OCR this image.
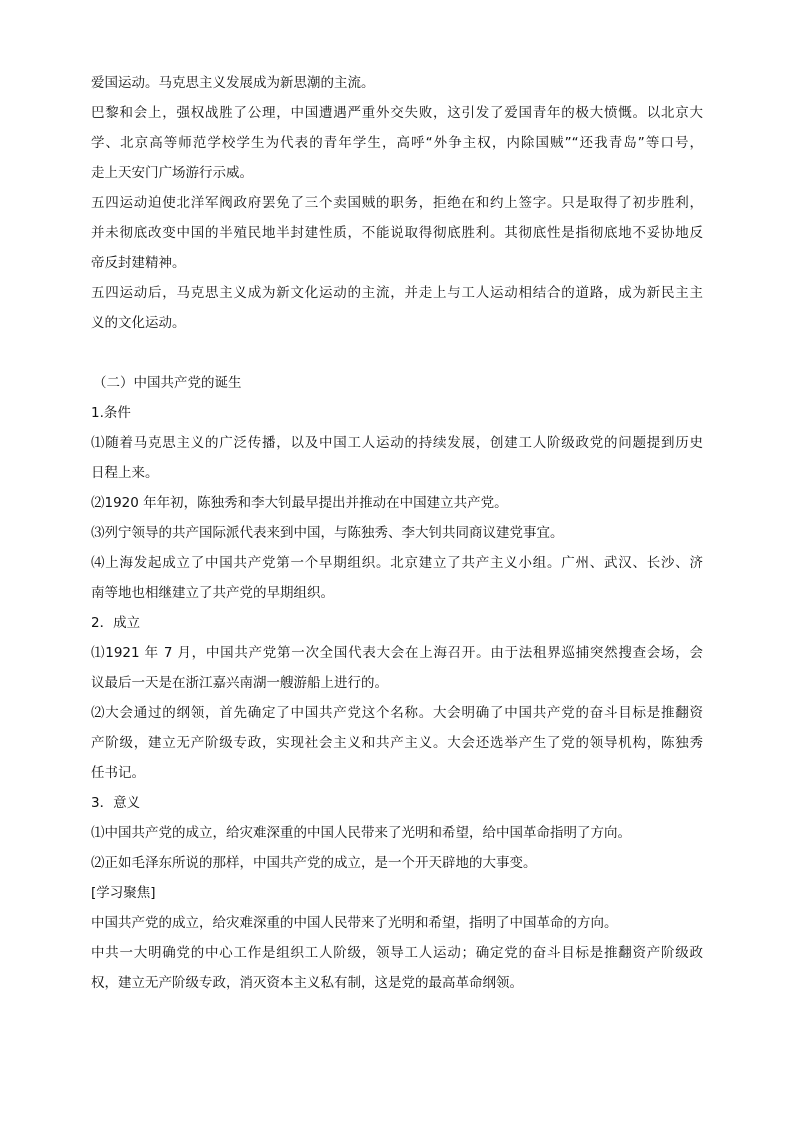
爱国运动。马克思主义发展成为新思潮的主流。
巴黎和会上，强权战胜了公理，中国遭遇严重外交失败，这引发了爱国青年的极大愤慨。以北京大
学、北京高等师范学校学生为代表的青年学生，高呼“外争主权，内除国贼”“还我青岛”等口号，
走上天安门广场游行示威。
五四运动迫使北洋军阀政府罢免了三个卖国贼的职务，拒绝在和约上签字。只是取得了初步胜利，
并未彻底改变中国的半殖民地半封建性质，不能说取得彻底胜利。其彻底性是指彻底地不妥协地反
帝反封建精神。
五四运动后，马克思主义成为新文化运动的主流，并走上与工人运动相结合的道路，成为新民主主
义的文化运动。
（二）中国共产党的诞生
1.条件
⑴随着马克思主义的广泛传播，以及中国工人运动的持续发展，创建工人阶级政党的问题提到历史
日程上来。
⑵1920 年年初，陈独秀和李大钊最早提出并推动在中国建立共产党。
⑶列宁领导的共产国际派代表来到中国，与陈独秀、李大钊共同商议建党事宜。
⑷上海发起成立了中国共产党第一个早期组织。北京建立了共产主义小组。广州、武汉、长沙、济
南等地也相继建立了共产党的早期组织。
2．成立
⑴1921 年 7 月，中国共产党第一次全国代表大会在上海召开。由于法租界巡捕突然搜查会场，会
议最后一天是在浙江嘉兴南湖一艘游船上进行的。
⑵大会通过的纲领，首先确定了中国共产党这个名称。大会明确了中国共产党的奋斗目标是推翻资
产阶级，建立无产阶级专政，实现社会主义和共产主义。大会还选举产生了党的领导机构，陈独秀
任书记。
3．意义
⑴中国共产党的成立，给灾难深重的中国人民带来了光明和希望，给中国革命指明了方向。
⑵正如毛泽东所说的那样，中国共产党的成立，是一个开天辟地的大事变。
[学习聚焦]
中国共产党的成立，给灾难深重的中国人民带来了光明和希望，指明了中国革命的方向。
中共一大明确党的中心工作是组织工人阶级，领导工人运动；确定党的奋斗目标是推翻资产阶级政
权，建立无产阶级专政，消灭资本主义私有制，这是党的最高革命纲领。
